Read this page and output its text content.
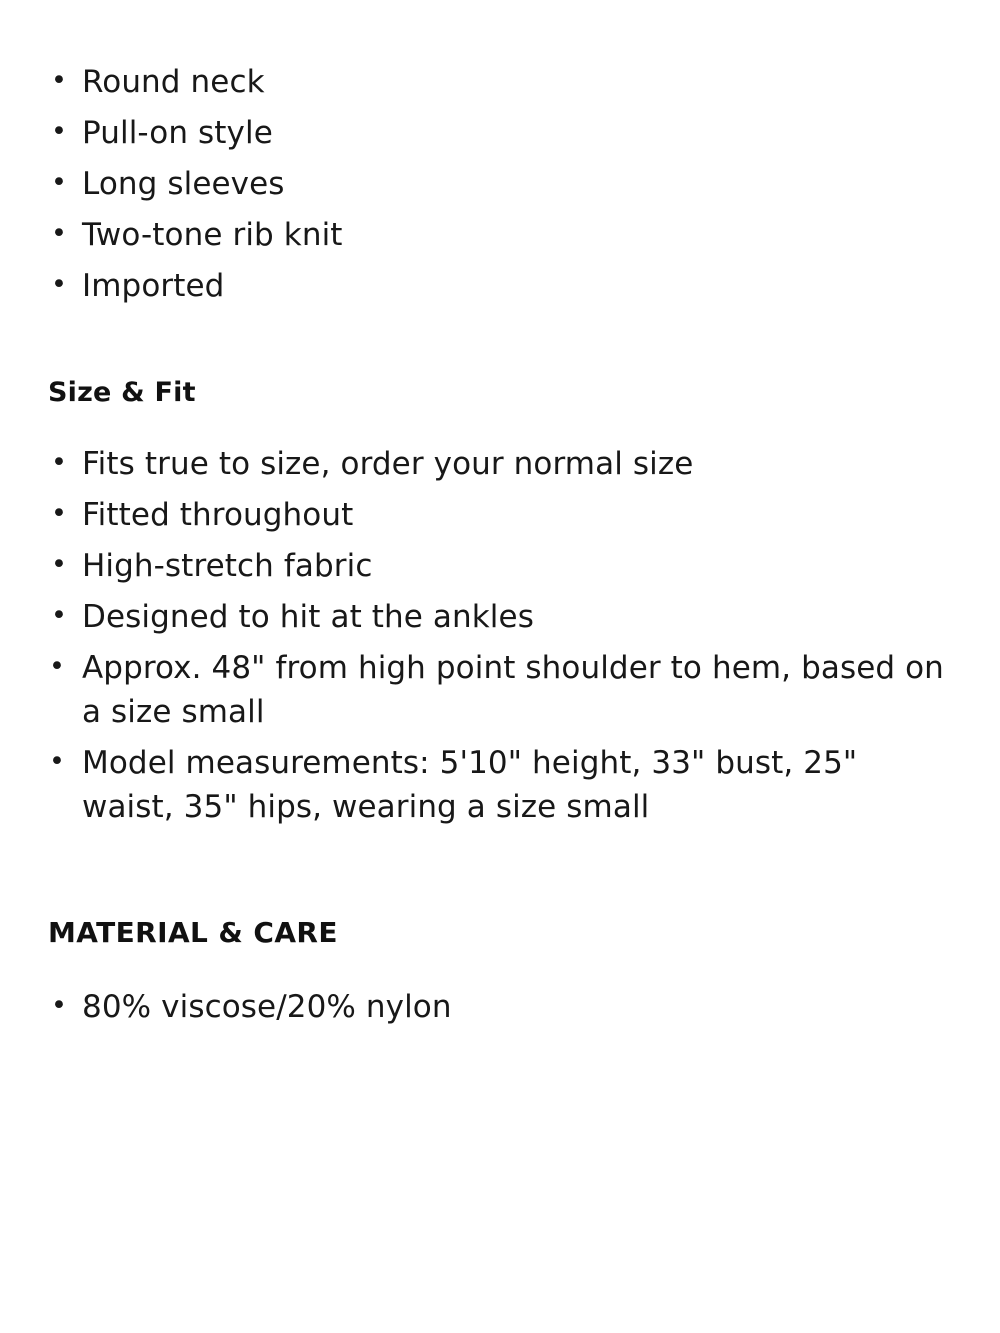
• Round neck
• Pull-on style
• Long sleeves
• Two-tone rib knit
• Imported
Size & Fit
• Fits true to size, order your normal size
• Fitted throughout
• High-stretch fabric
• Designed to hit at the ankles
• Approx. 48" from high point shoulder to hem, based on a size small
• Model measurements: 5'10" height, 33" bust, 25" waist, 35" hips, wearing a size small
MATERIAL & CARE
• 80% viscose/20% nylon
